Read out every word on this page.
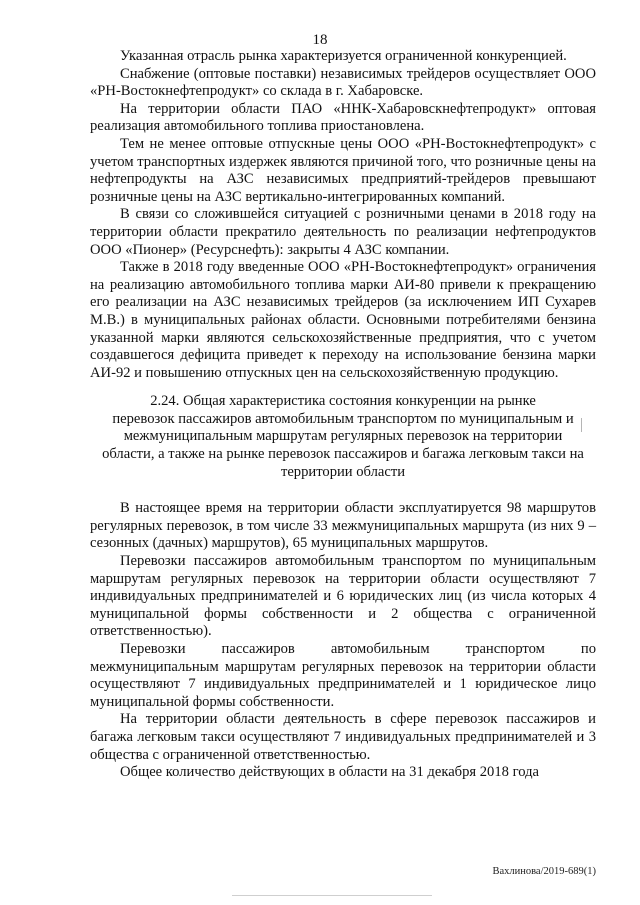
18

Указанная отрасль рынка характеризуется ограниченной конкуренцией.

Снабжение (оптовые поставки) независимых трейдеров осуществляет ООО «РН-Востокнефтепродукт» со склада в г. Хабаровске.

На территории области ПАО «ННК-Хабаровскнефтепродукт» оптовая реализация автомобильного топлива приостановлена.

Тем не менее оптовые отпускные цены ООО «РН-Востокнефтепродукт» с учетом транспортных издержек являются причиной того, что розничные цены на нефтепродукты на АЗС независимых предприятий-трейдеров превышают розничные цены на АЗС вертикально-интегрированных компаний.

В связи со сложившейся ситуацией с розничными ценами в 2018 году на территории области прекратило деятельность по реализации нефтепродуктов ООО «Пионер» (Ресурснефть): закрыты 4 АЗС компании.

Также в 2018 году введенные ООО «РН-Востокнефтепродукт» ограничения на реализацию автомобильного топлива марки АИ-80 привели к прекращению его реализации на АЗС независимых трейдеров (за исключением ИП Сухарев М.В.) в муниципальных районах области. Основными потребителями бензина указанной марки являются сельскохозяйственные предприятия, что с учетом создавшегося дефицита приведет к переходу на использование бензина марки АИ-92 и повышению отпускных цен на сельскохозяйственную продукцию.

2.24. Общая характеристика состояния конкуренции на рынке
перевозок пассажиров автомобильным транспортом по муниципальным и
межмуниципальным маршрутам регулярных перевозок на территории
области, а также на рынке перевозок пассажиров и багажа легковым такси на
территории области

В настоящее время на территории области эксплуатируется 98 маршрутов регулярных перевозок, в том числе 33 межмуниципальных маршрута (из них 9 – сезонных (дачных) маршрутов), 65 муниципальных маршрутов.

Перевозки пассажиров автомобильным транспортом по муниципальным маршрутам регулярных перевозок на территории области осуществляют 7 индивидуальных предпринимателей и 6 юридических лиц (из числа которых 4 муниципальной формы собственности и 2 общества с ограниченной ответственностью).

Перевозки пассажиров автомобильным транспортом по межмуниципальным маршрутам регулярных перевозок на территории области осуществляют 7 индивидуальных предпринимателей и 1 юридическое лицо муниципальной формы собственности.

На территории области деятельность в сфере перевозок пассажиров и багажа легковым такси осуществляют 7 индивидуальных предпринимателей и 3 общества с ограниченной ответственностью.

Общее количество действующих в области на 31 декабря 2018 года

Вахлинова/2019-689(1)
